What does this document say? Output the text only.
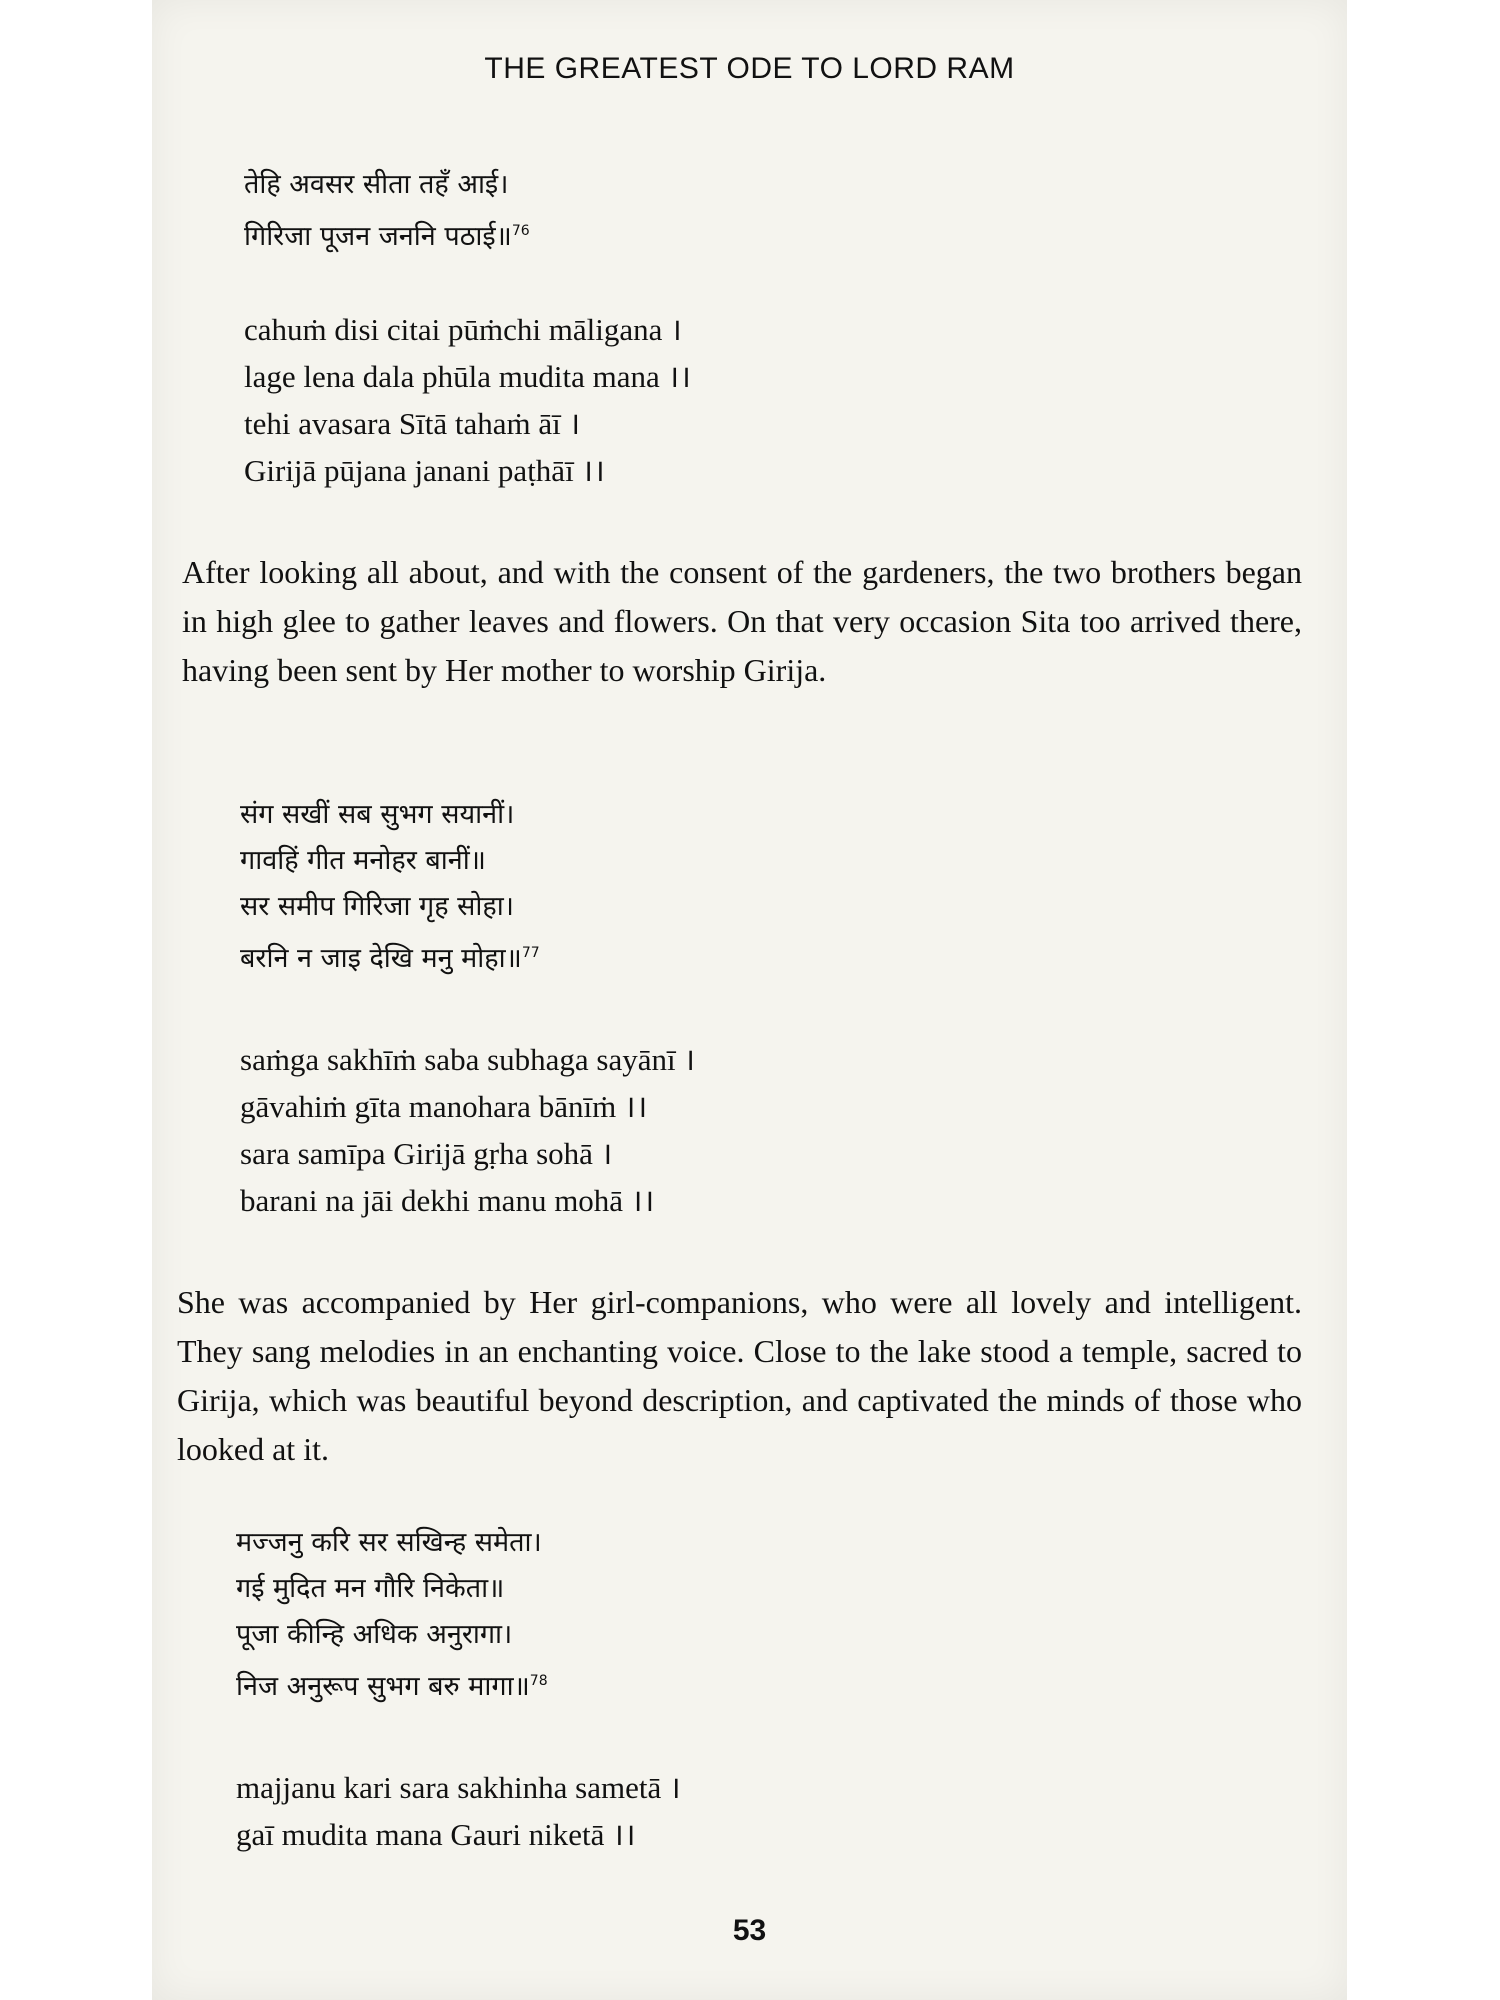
THE GREATEST ODE TO LORD RAM
तेहि अवसर सीता तहँ आई।
गिरिजा पूजन जननि पठाई॥$^{76}$
cahuṁ disi citai pūṁchi māligana ।
lage lena dala phūla mudita mana ।।
tehi avasara Sītā tahaṁ āī ।
Girijā pūjana janani paṭhāī ।।
After looking all about, and with the consent of the gardeners, the two brothers began in high glee to gather leaves and flowers. On that very occasion Sita too arrived there, having been sent by Her mother to worship Girija.
संग सखीं सब सुभग सयानीं।
गावहिं गीत मनोहर बानीं॥
सर समीप गिरिजा गृह सोहा।
बरनि न जाइ देखि मनु मोहा॥$^{77}$
saṁga sakhīṁ saba subhaga sayānī ।
gāvahiṁ gīta manohara bānīṁ ।।
sara samīpa Girijā gṛha sohā ।
barani na jāi dekhi manu mohā ।।
She was accompanied by Her girl-companions, who were all lovely and intelligent. They sang melodies in an enchanting voice. Close to the lake stood a temple, sacred to Girija, which was beautiful beyond description, and captivated the minds of those who looked at it.
मज्जनु करि सर सखिन्ह समेता।
गई मुदित मन गौरि निकेता॥
पूजा कीन्हि अधिक अनुरागा।
निज अनुरूप सुभग बरु मागा॥$^{78}$
majjanu kari sara sakhinha sametā ।
gaī mudita mana Gauri niketā ।।
53
